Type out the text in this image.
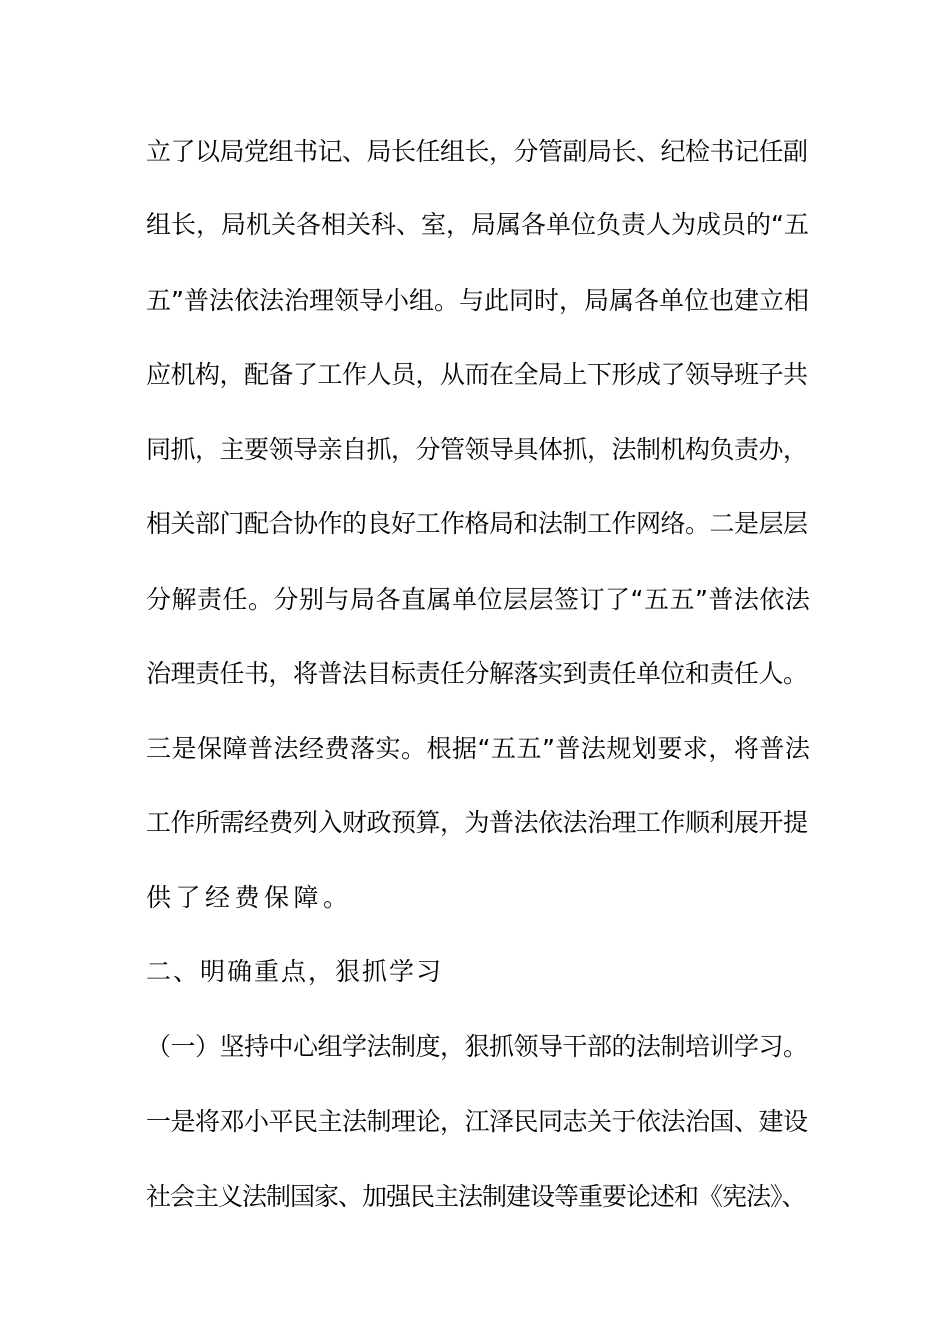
立了以局党组书记、局长任组长，分管副局长、纪检书记任副
组长，局机关各相关科、室，局属各单位负责人为成员的“五
五”普法依法治理领导小组。与此同时，局属各单位也建立相
应机构，配备了工作人员，从而在全局上下形成了领导班子共
同抓，主要领导亲自抓，分管领导具体抓，法制机构负责办，
相关部门配合协作的良好工作格局和法制工作网络。二是层层
分解责任。分别与局各直属单位层层签订了“五五”普法依法
治理责任书，将普法目标责任分解落实到责任单位和责任人。
三是保障普法经费落实。根据“五五”普法规划要求，将普法
工作所需经费列入财政预算，为普法依法治理工作顺利展开提
供了经费保障。
二、明确重点，狠抓学习
（一）坚持中心组学法制度，狠抓领导干部的法制培训学习。
一是将邓小平民主法制理论，江泽民同志关于依法治国、建设
社会主义法制国家、加强民主法制建设等重要论述和《宪法》、
